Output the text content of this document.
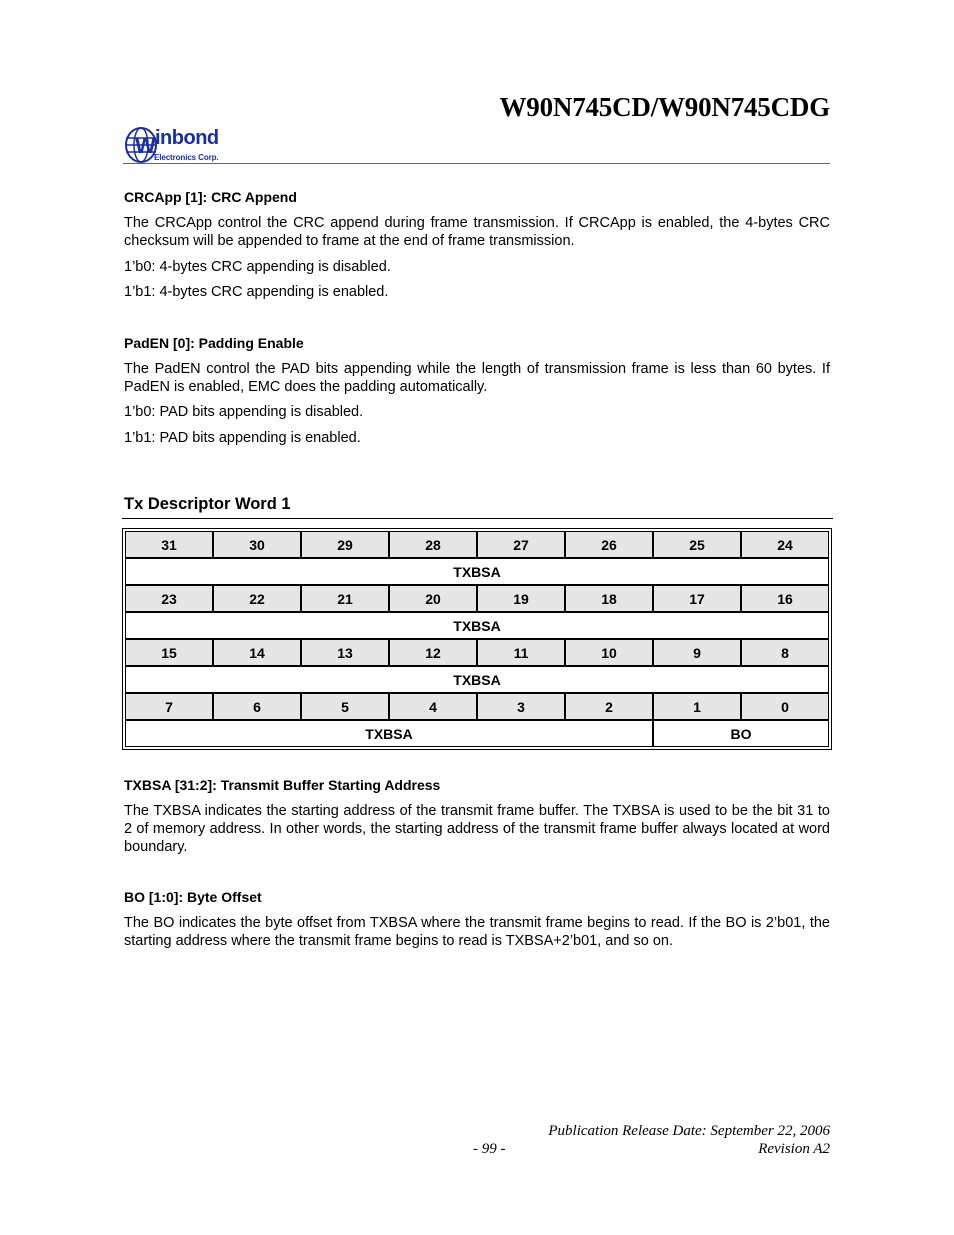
W90N745CD/W90N745CDG
W inbond
Electronics Corp.

CRCApp [1]: CRC Append

The CRCApp control the CRC append during frame transmission. If CRCApp is enabled, the 4-bytes CRC checksum will be appended to frame at the end of frame transmission.

1’b0: 4-bytes CRC appending is disabled.

1’b1: 4-bytes CRC appending is enabled.

PadEN [0]: Padding Enable

The PadEN control the PAD bits appending while the length of transmission frame is less than 60 bytes. If PadEN is enabled, EMC does the padding automatically.

1’b0: PAD bits appending is disabled.

1’b1: PAD bits appending is enabled.

Tx Descriptor Word 1
31	30	29	28	27	26	25	24
TXBSA							
23	22	21	20	19	18	17	16
TXBSA							
15	14	13	12	11	10	9	8
TXBSA							
7	6	5	4	3	2	1	0
TXBSA						BO	

TXBSA [31:2]: Transmit Buffer Starting Address

The TXBSA indicates the starting address of the transmit frame buffer. The TXBSA is used to be the bit 31 to 2 of memory address. In other words, the starting address of the transmit frame buffer always located at word boundary.

BO [1:0]: Byte Offset

The BO indicates the byte offset from TXBSA where the transmit frame begins to read. If the BO is 2’b01, the starting address where the transmit frame begins to read is TXBSA+2’b01, and so on.

Publication Release Date: September 22, 2006
- 99 -	Revision A2
